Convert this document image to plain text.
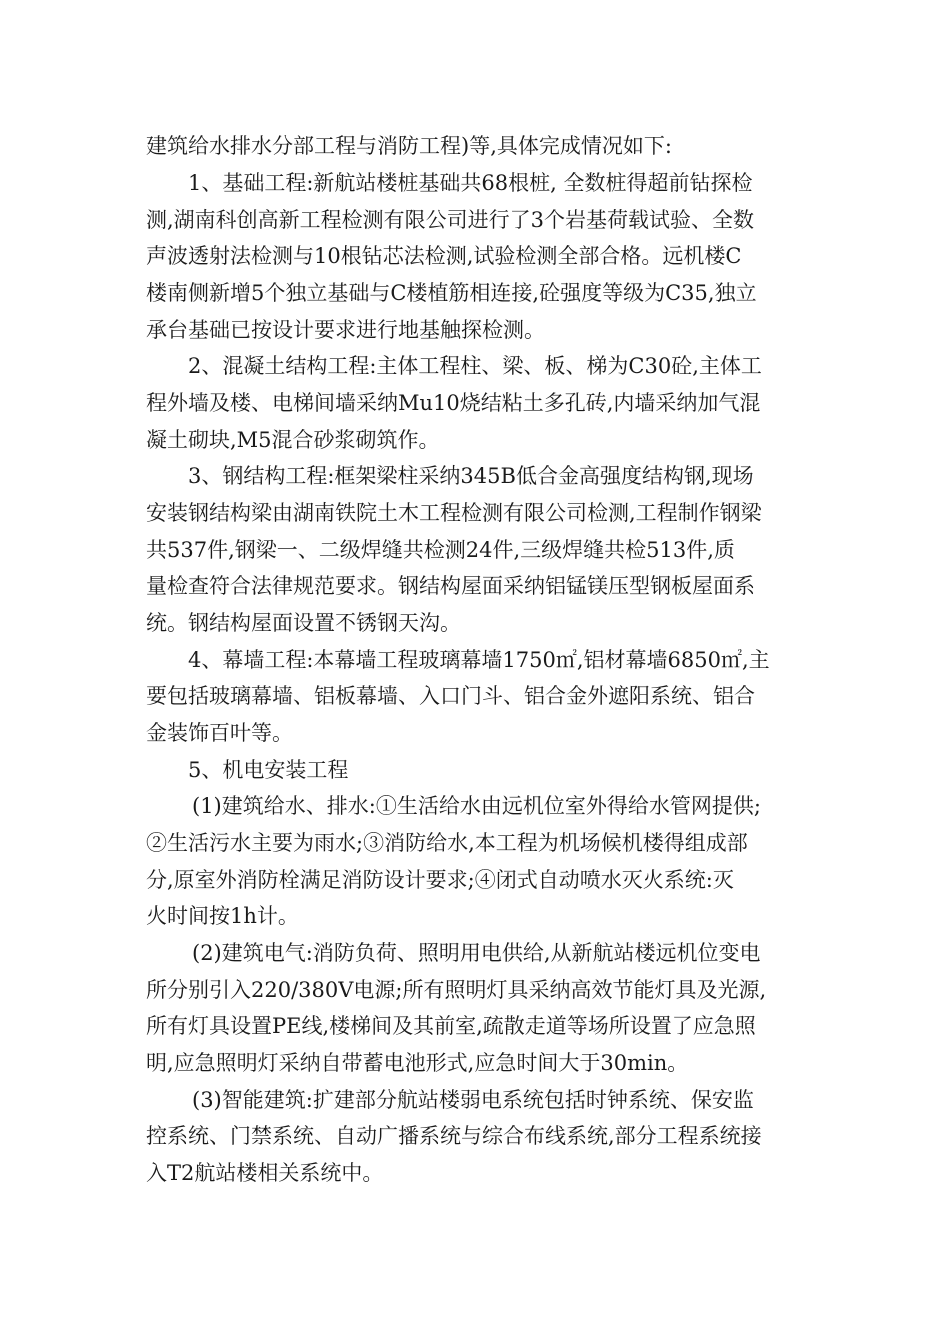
建筑给水排水分部工程与消防工程)等,具体完成情况如下:
1、基础工程:新航站楼桩基础共68根桩, 全数桩得超前钻探检
测,湖南科创高新工程检测有限公司进行了3个岩基荷载试验、全数
声波透射法检测与10根钻芯法检测,试验检测全部合格。远机楼C
楼南侧新增5个独立基础与C楼植筋相连接,砼强度等级为C35,独立
承台基础已按设计要求进行地基触探检测。
2、混凝土结构工程:主体工程柱、梁、板、梯为C30砼,主体工
程外墙及楼、电梯间墙采纳Mu10烧结粘土多孔砖,内墙采纳加气混
凝土砌块,M5混合砂浆砌筑作。
3、钢结构工程:框架梁柱采纳345B低合金高强度结构钢,现场
安装钢结构梁由湖南铁院土木工程检测有限公司检测,工程制作钢梁
共537件,钢梁一、二级焊缝共检测24件,三级焊缝共检513件,质
量检查符合法律规范要求。钢结构屋面采纳铝锰镁压型钢板屋面系
统。钢结构屋面设置不锈钢天沟。
4、幕墙工程:本幕墙工程玻璃幕墙1750㎡,铝材幕墙6850㎡,主
要包括玻璃幕墙、铝板幕墙、入口门斗、铝合金外遮阳系统、铝合
金装饰百叶等。
5、机电安装工程
(1)建筑给水、排水:①生活给水由远机位室外得给水管网提供;
②生活污水主要为雨水;③消防给水,本工程为机场候机楼得组成部
分,原室外消防栓满足消防设计要求;④闭式自动喷水灭火系统:灭
火时间按1h计。
(2)建筑电气:消防负荷、照明用电供给,从新航站楼远机位变电
所分别引入220/380V电源;所有照明灯具采纳高效节能灯具及光源,
所有灯具设置PE线,楼梯间及其前室,疏散走道等场所设置了应急照
明,应急照明灯采纳自带蓄电池形式,应急时间大于30min。
(3)智能建筑:扩建部分航站楼弱电系统包括时钟系统、保安监
控系统、门禁系统、自动广播系统与综合布线系统,部分工程系统接
入T2航站楼相关系统中。
